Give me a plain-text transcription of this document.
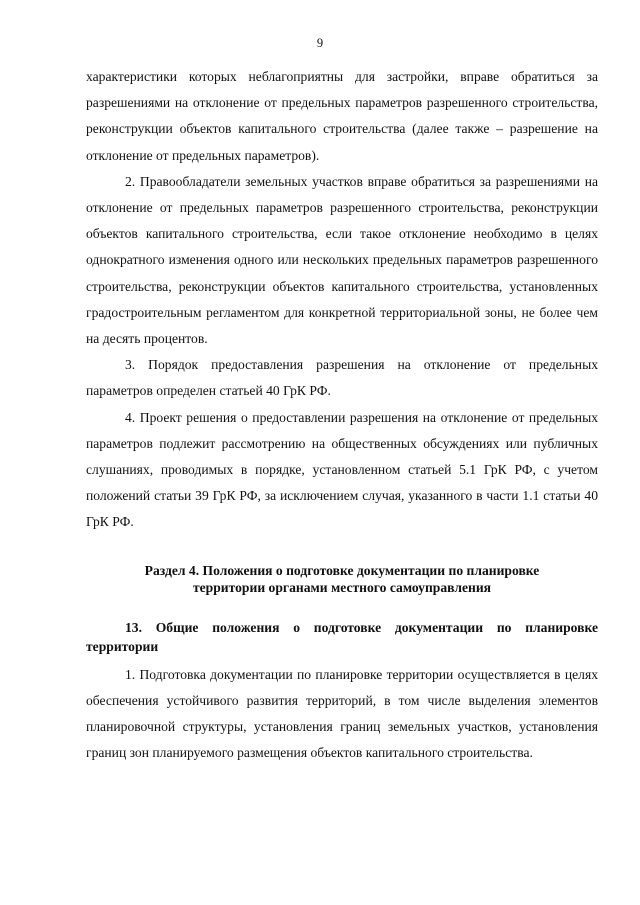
9

характеристики которых неблагоприятны для застройки, вправе обратиться за разрешениями на отклонение от предельных параметров разрешенного строительства, реконструкции объектов капитального строительства (далее также – разрешение на отклонение от предельных параметров).

2. Правообладатели земельных участков вправе обратиться за разрешениями на отклонение от предельных параметров разрешенного строительства, реконструкции объектов капитального строительства, если такое отклонение необходимо в целях однократного изменения одного или нескольких предельных параметров разрешенного строительства, реконструкции объектов капитального строительства, установленных градостроительным регламентом для конкретной территориальной зоны, не более чем на десять процентов.

3. Порядок предоставления разрешения на отклонение от предельных параметров определен статьей 40 ГрК РФ.

4. Проект решения о предоставлении разрешения на отклонение от предельных параметров подлежит рассмотрению на общественных обсуждениях или публичных слушаниях, проводимых в порядке, установленном статьей 5.1 ГрК РФ, с учетом положений статьи 39 ГрК РФ, за исключением случая, указанного в части 1.1 статьи 40 ГрК РФ.

Раздел 4. Положения о подготовке документации по планировке
территории органами местного самоуправления
13. Общие положения о подготовке документации по планировке территории

1. Подготовка документации по планировке территории осуществляется в целях обеспечения устойчивого развития территорий, в том числе выделения элементов планировочной структуры, установления границ земельных участков, установления границ зон планируемого размещения объектов капитального строительства.
